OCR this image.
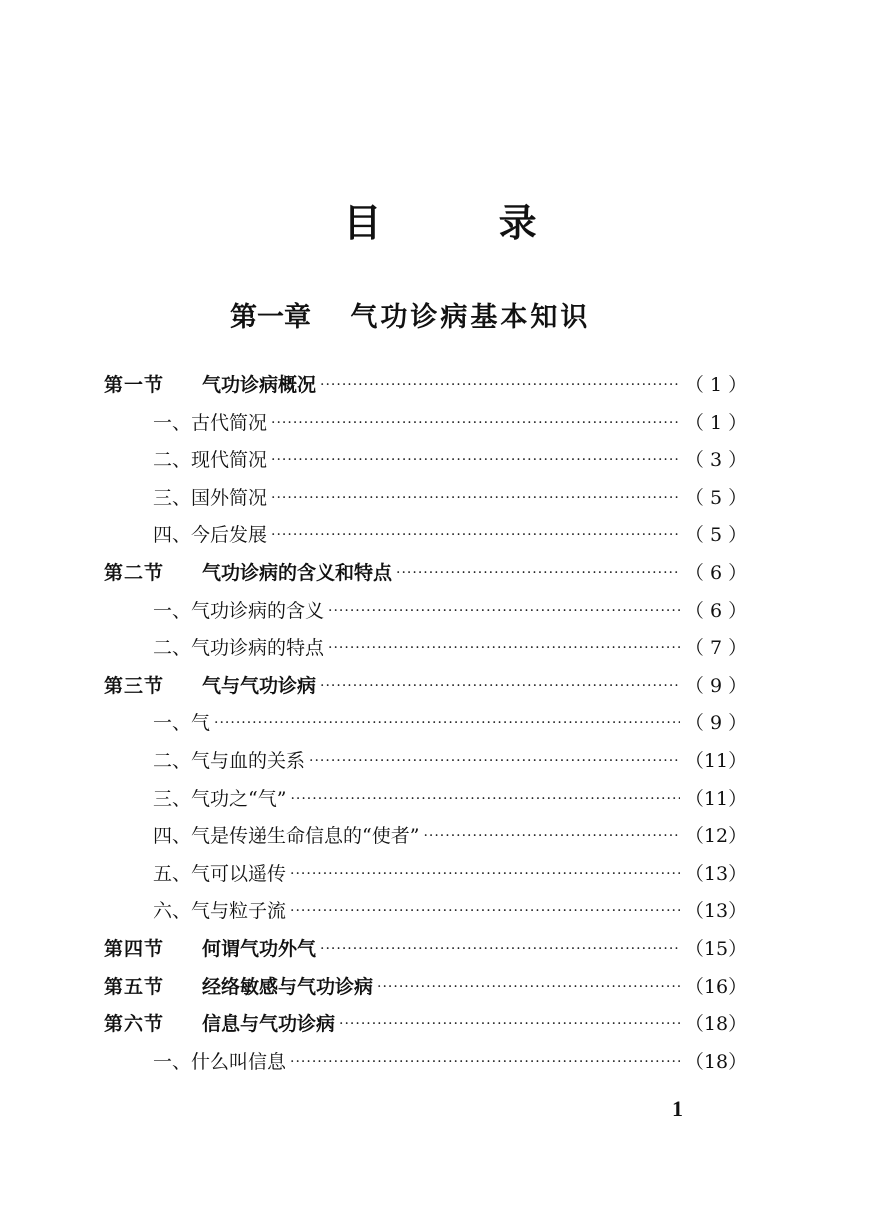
目 录
第一章 气功诊病基本知识
第一节	气功诊病概况 ·····	（ 1 ）
一、古代简况 ·····	（ 1 ）
二、现代简况 ·····	（ 3 ）
三、国外简况 ·····	（ 5 ）
四、今后发展 ·····	（ 5 ）
第二节	气功诊病的含义和特点 ·····	（ 6 ）
一、气功诊病的含义 ·····	（ 6 ）
二、气功诊病的特点 ·····	（ 7 ）
第三节	气与气功诊病 ·····	（ 9 ）
一、气 ·····	（ 9 ）
二、气与血的关系 ·····	（11）
三、气功之“气” ·····	（11）
四、气是传递生命信息的“使者” ·····	（12）
五、气可以遥传 ·····	（13）
六、气与粒子流 ·····	（13）
第四节	何谓气功外气 ·····	（15）
第五节	经络敏感与气功诊病 ·····	（16）
第六节	信息与气功诊病 ·····	（18）
一、什么叫信息 ·····	（18）
1
